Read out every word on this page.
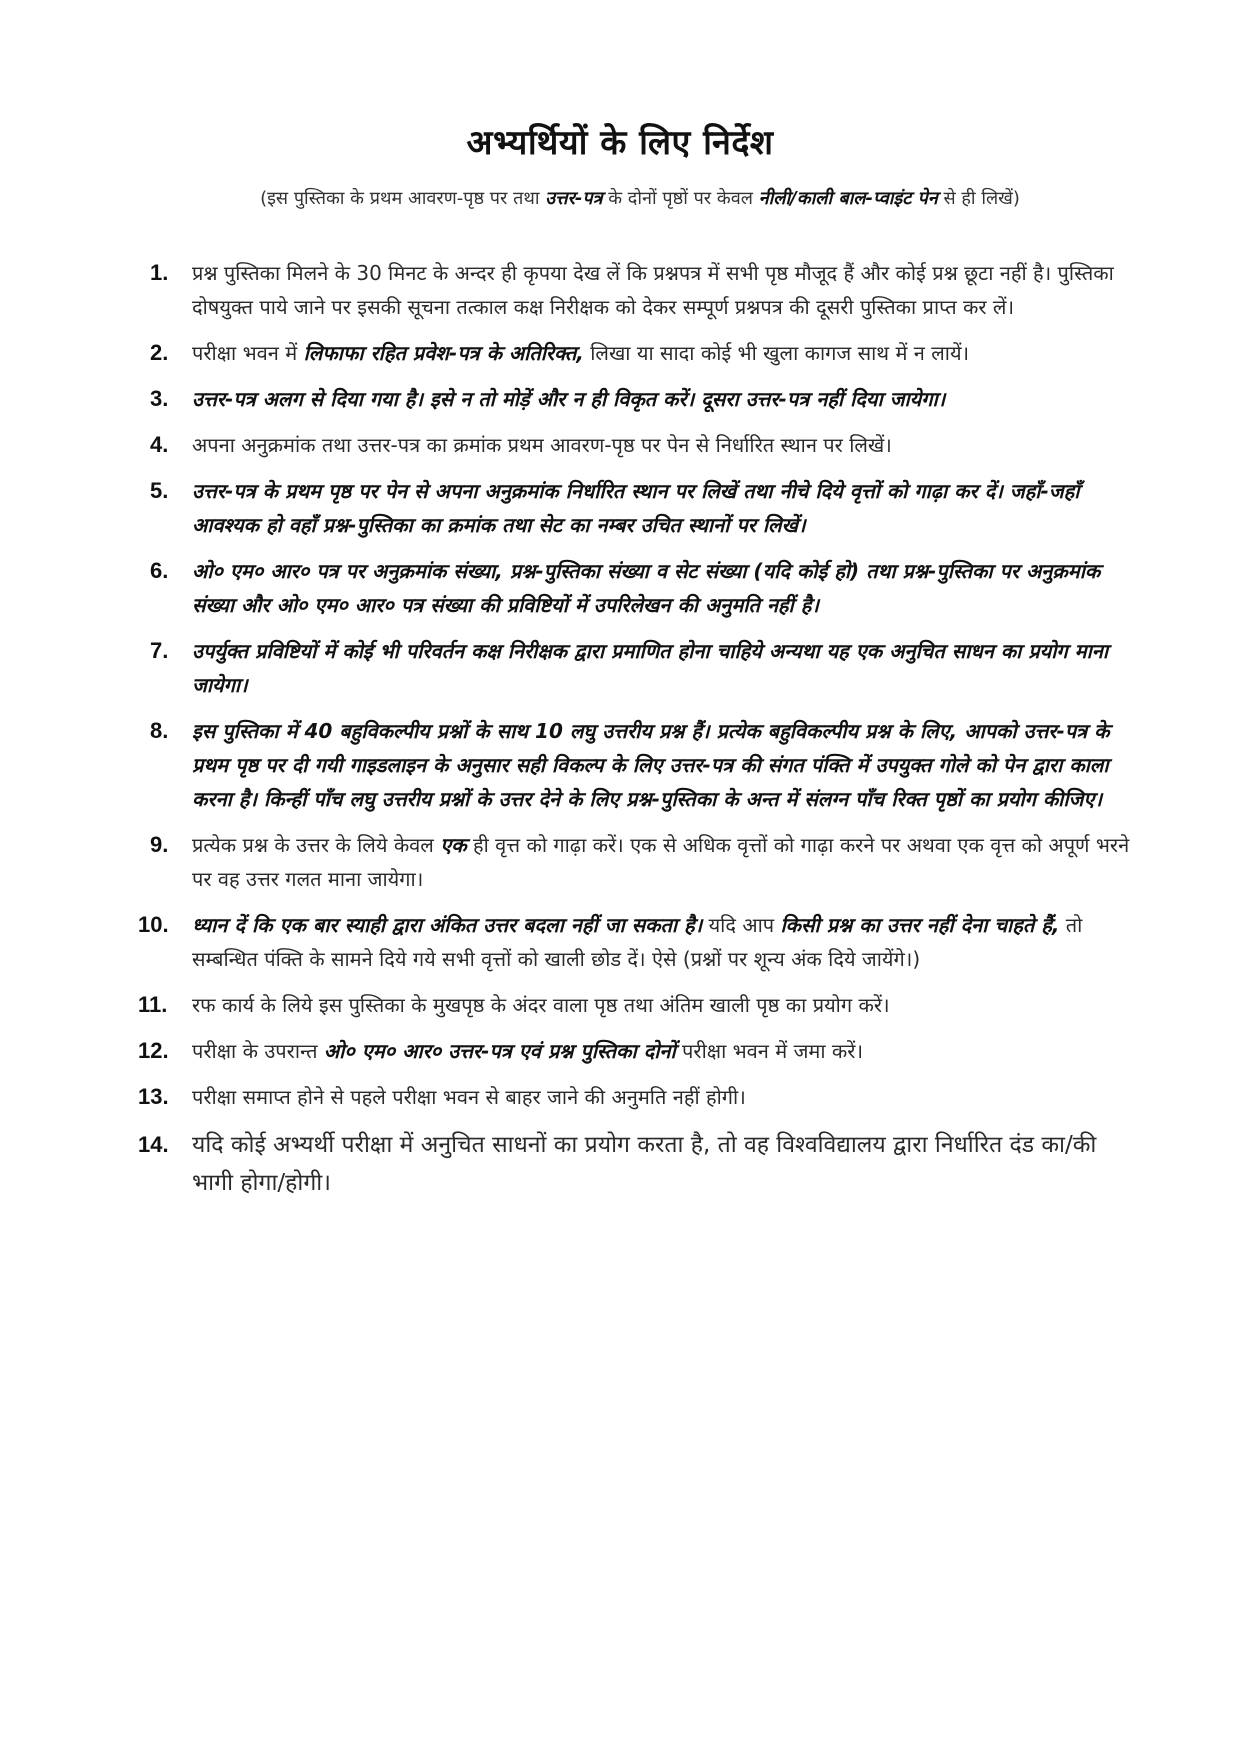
अभ्यर्थियों के लिए निर्देश
(इस पुस्तिका के प्रथम आवरण-पृष्ठ पर तथा उत्तर-पत्र के दोनों पृष्ठों पर केवल नीली/काली बाल-प्वाइंट पेन से ही लिखें)
1.	प्रश्न पुस्तिका मिलने के 30 मिनट के अन्दर ही कृपया देख लें कि प्रश्नपत्र में सभी पृष्ठ मौजूद हैं और कोई प्रश्न छूटा नहीं है। पुस्तिका दोषयुक्त पाये जाने पर इसकी सूचना तत्काल कक्ष निरीक्षक को देकर सम्पूर्ण प्रश्नपत्र की दूसरी पुस्तिका प्राप्त कर लें।
2.	परीक्षा भवन में लिफाफा रहित प्रवेश-पत्र के अतिरिक्त, लिखा या सादा कोई भी खुला कागज साथ में न लायें।
3.	उत्तर-पत्र अलग से दिया गया है। इसे न तो मोड़ें और न ही विकृत करें। दूसरा उत्तर-पत्र नहीं दिया जायेगा।
4.	अपना अनुक्रमांक तथा उत्तर-पत्र का क्रमांक प्रथम आवरण-पृष्ठ पर पेन से निर्धारित स्थान पर लिखें।
5.	उत्तर-पत्र के प्रथम पृष्ठ पर पेन से अपना अनुक्रमांक निर्धारित स्थान पर लिखें तथा नीचे दिये वृत्तों को गाढ़ा कर दें। जहाँ-जहाँ आवश्यक हो वहाँ प्रश्न-पुस्तिका का क्रमांक तथा सेट का नम्बर उचित स्थानों पर लिखें।
6.	ओ० एम० आर० पत्र पर अनुक्रमांक संख्या, प्रश्न-पुस्तिका संख्या व सेट संख्या (यदि कोई हो) तथा प्रश्न-पुस्तिका पर अनुक्रमांक संख्या और ओ० एम० आर० पत्र संख्या की प्रविष्टियों में उपरिलेखन की अनुमति नहीं है।
7.	उपर्युक्त प्रविष्टियों में कोई भी परिवर्तन कक्ष निरीक्षक द्वारा प्रमाणित होना चाहिये अन्यथा यह एक अनुचित साधन का प्रयोग माना जायेगा।
8.	इस पुस्तिका में 40 बहुविकल्पीय प्रश्नों के साथ 10 लघु उत्तरीय प्रश्न हैं। प्रत्येक बहुविकल्पीय प्रश्न के लिए, आपको उत्तर-पत्र के प्रथम पृष्ठ पर दी गयी गाइडलाइन के अनुसार सही विकल्प के लिए उत्तर-पत्र की संगत पंक्ति में उपयुक्त गोले को पेन द्वारा काला करना है। किन्हीं पाँच लघु उत्तरीय प्रश्नों के उत्तर देने के लिए प्रश्न-पुस्तिका के अन्त में संलग्न पाँच रिक्त पृष्ठों का प्रयोग कीजिए।
9.	प्रत्येक प्रश्न के उत्तर के लिये केवल एक ही वृत्त को गाढ़ा करें। एक से अधिक वृत्तों को गाढ़ा करने पर अथवा एक वृत्त को अपूर्ण भरने पर वह उत्तर गलत माना जायेगा।
10.	ध्यान दें कि एक बार स्याही द्वारा अंकित उत्तर बदला नहीं जा सकता है। यदि आप किसी प्रश्न का उत्तर नहीं देना चाहते हैं, तो सम्बन्धित पंक्ति के सामने दिये गये सभी वृत्तों को खाली छोड दें। ऐसे (प्रश्नों पर शून्य अंक दिये जायेंगे।)
11.	रफ कार्य के लिये इस पुस्तिका के मुखपृष्ठ के अंदर वाला पृष्ठ तथा अंतिम खाली पृष्ठ का प्रयोग करें।
12.	परीक्षा के उपरान्त ओ० एम० आर० उत्तर-पत्र एवं प्रश्न पुस्तिका दोनों परीक्षा भवन में जमा करें।
13.	परीक्षा समाप्त होने से पहले परीक्षा भवन से बाहर जाने की अनुमति नहीं होगी।
14.	यदि कोई अभ्यर्थी परीक्षा में अनुचित साधनों का प्रयोग करता है, तो वह विश्वविद्यालय द्वारा निर्धारित दंड का/की भागी होगा/होगी।
